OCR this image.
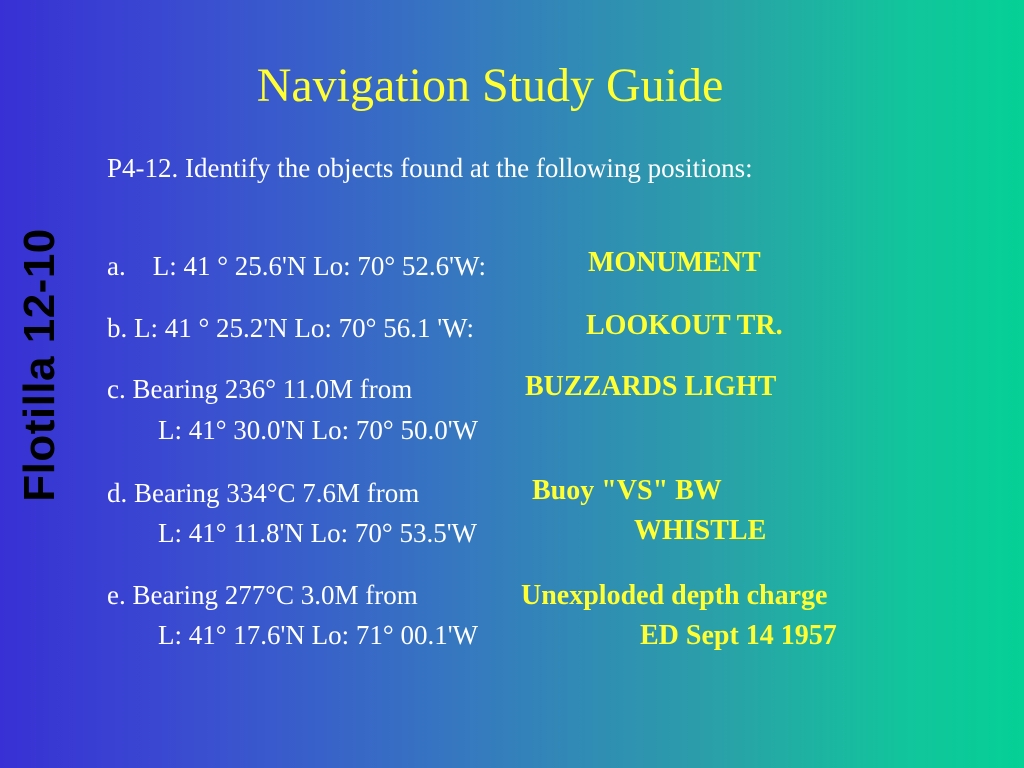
Flotilla 12-10
Navigation Study Guide
P4-12. Identify the objects found at the following positions:
a.    L: 41 ° 25.6'N Lo: 70° 52.6'W:	MONUMENT
b. L: 41 ° 25.2'N Lo: 70° 56.1 'W:	LOOKOUT TR.
c. Bearing 236° 11.0M from
L: 41° 30.0'N Lo: 70° 50.0'W
BUZZARDS LIGHT
d. Bearing 334°C 7.6M from
L: 41° 11.8'N Lo: 70° 53.5'W
Buoy "VS" BW
WHISTLE
e. Bearing 277°C 3.0M from
L: 41° 17.6'N Lo: 71° 00.1'W
Unexploded depth charge
ED Sept 14 1957
